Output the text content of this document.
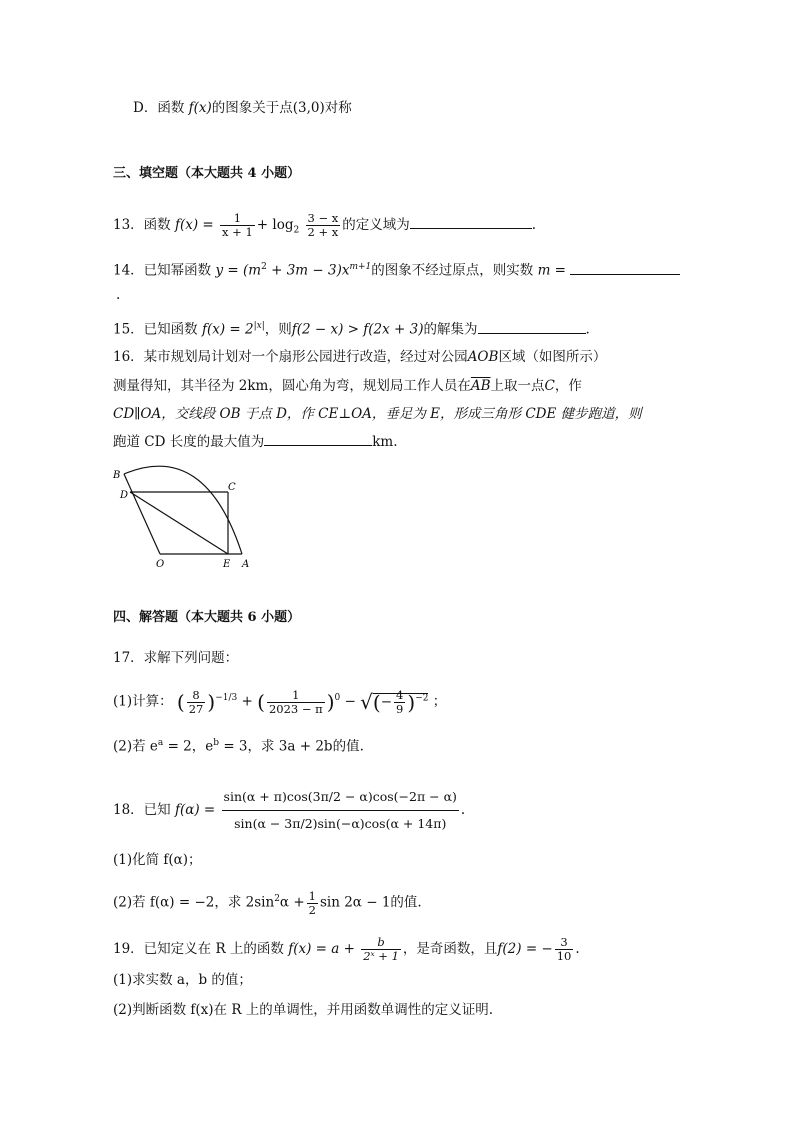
D．函数 f(x)的图象关于点(3,0)对称
三、填空题（本大题共 4 小题）
13．函数 $f(x) = \frac{1}{x + 1} + \log_2 \frac{3 - x}{2 + x}$ 的定义域为	.
14．已知幂函数 $y = (m^2 + 3m - 3)x^{m+1}$的图象不经过原点，则实数 m =
.
15．已知函数 $f(x) = 2^{|x|}$，则f(2 − x) > f(2x + 3)的解集为	.
16．某市规划局计划对一个扇形公园进行改造，经过对公园AOB区域（如图所示）
测量得知，其半径为 2km，圆心角为弯，规划局工作人员在$\overline{AB}$上取一点C，作
CD∥OA，交线段 OB 于点 D，作 CE⊥OA，垂足为 E，形成三角形 CDE 健步跑道，则
跑道 CD 长度的最大值为	km.
B
D
C
O	E A
四、解答题（本大题共 6 小题）
17．求解下列问题：
(1)计算： ( $\frac{8}{27} )^{-1/3}$ + ( $\frac{1}{2023 - \pi} )^0$ − √(− $\frac{4}{9} )^{-2}$ ；
(2)若 $e^a = 2$，$e^b = 3$，求 3a + 2b的值.
18．已知 $f(\alpha) = \frac{\sin(\alpha + \pi)\cos(3\pi/2 - \alpha)\cos(-2\pi - \alpha)}{\sin(\alpha - 3\pi/2)\sin(-\alpha)\cos(\alpha + 14\pi)}$ .
(1)化简 f(α)；
(2)若 f(α) = −2，求 $2\sin^2\alpha + \frac{1}{2}$ sin 2α − 1的值.
19．已知定义在 R 上的函数 $f(x) = a + \frac{b}{\text{2ˣ + 1}}$ ，是奇函数，且f(2) = − $\frac{3}{10}$ .
(1)求实数 a，b 的值；
(2)判断函数 f(x)在 R 上的单调性，并用函数单调性的定义证明.
